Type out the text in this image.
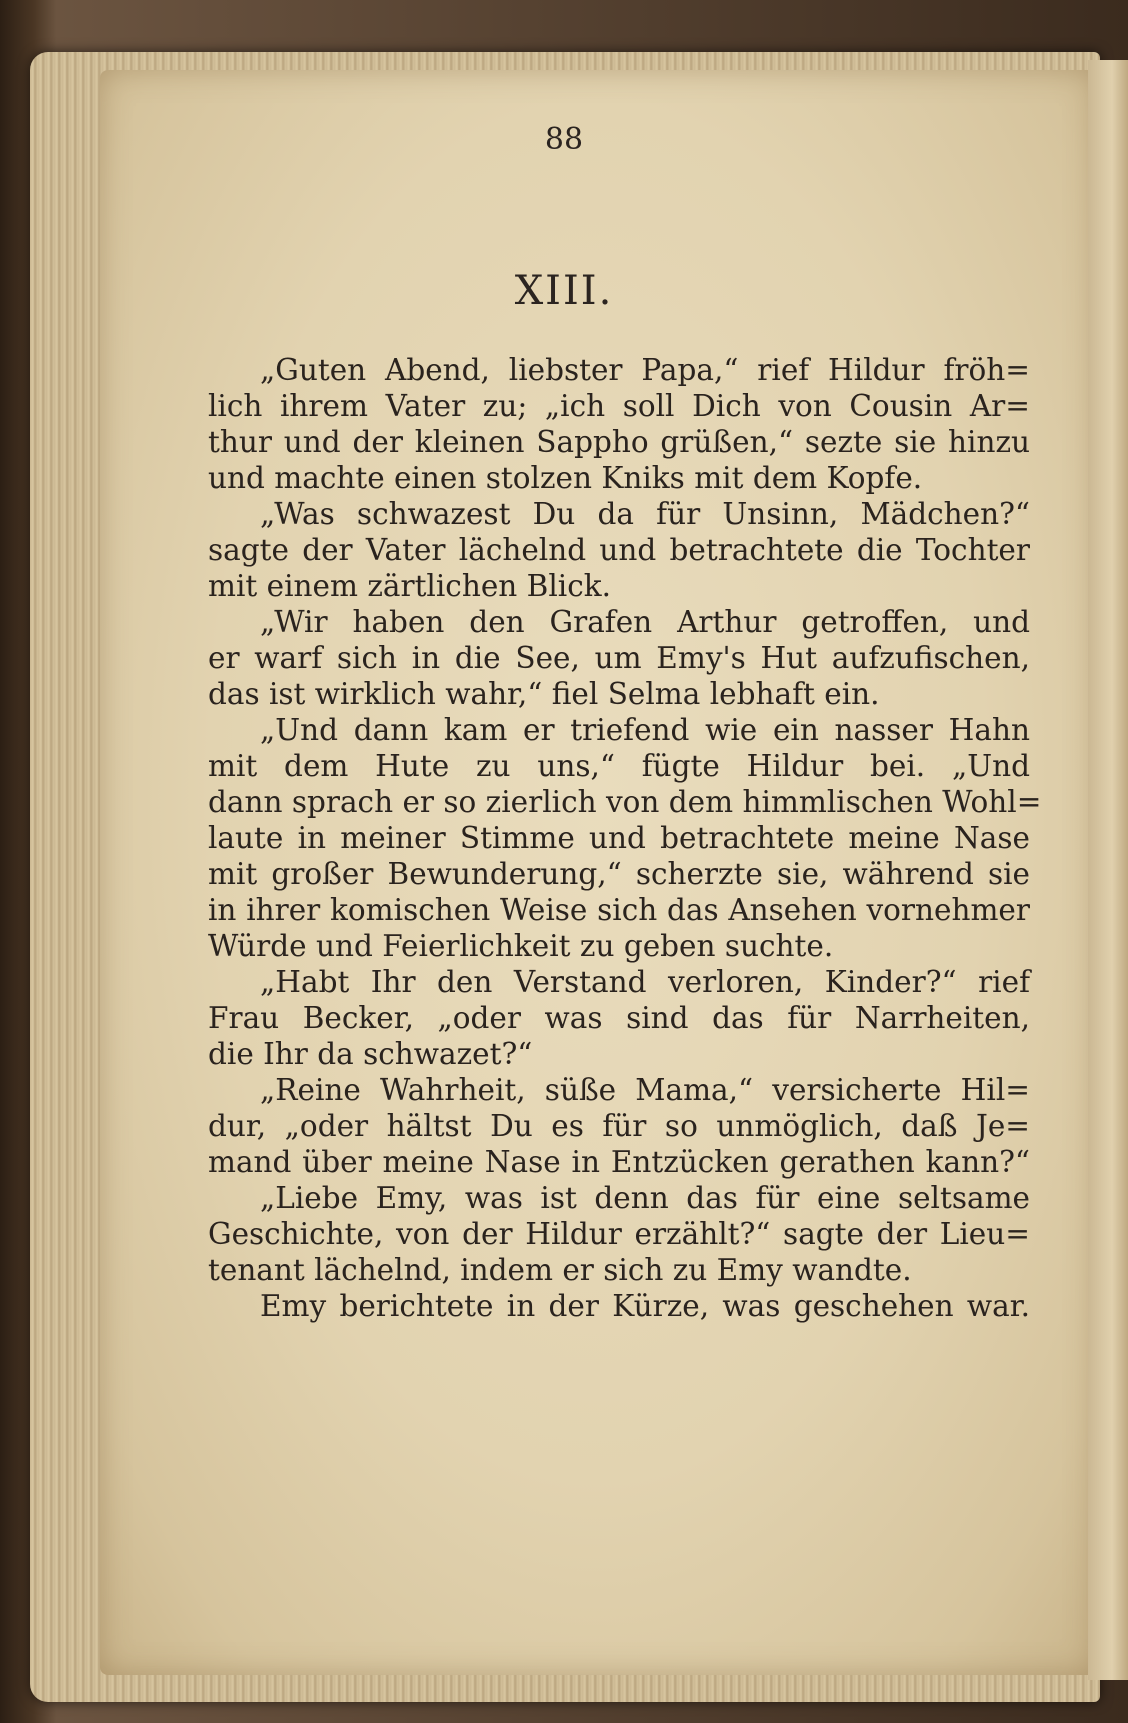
88
XIII.
„Guten Abend, liebster Papa,“ rief Hildur fröh=
lich ihrem Vater zu; „ich soll Dich von Cousin Ar=
thur und der kleinen Sappho grüßen,“ sezte sie hinzu
und machte einen stolzen Kniks mit dem Kopfe.
„Was schwazest Du da für Unsinn, Mädchen?“
sagte der Vater lächelnd und betrachtete die Tochter
mit einem zärtlichen Blick.
„Wir haben den Grafen Arthur getroffen, und
er warf sich in die See, um Emy's Hut aufzufischen,
das ist wirklich wahr,“ fiel Selma lebhaft ein.
„Und dann kam er triefend wie ein nasser Hahn
mit dem Hute zu uns,“ fügte Hildur bei. „Und
dann sprach er so zierlich von dem himmlischen Wohl=
laute in meiner Stimme und betrachtete meine Nase
mit großer Bewunderung,“ scherzte sie, während sie
in ihrer komischen Weise sich das Ansehen vornehmer
Würde und Feierlichkeit zu geben suchte.
„Habt Ihr den Verstand verloren, Kinder?“ rief
Frau Becker, „oder was sind das für Narrheiten,
die Ihr da schwazet?“
„Reine Wahrheit, süße Mama,“ versicherte Hil=
dur, „oder hältst Du es für so unmöglich, daß Je=
mand über meine Nase in Entzücken gerathen kann?“
„Liebe Emy, was ist denn das für eine seltsame
Geschichte, von der Hildur erzählt?“ sagte der Lieu=
tenant lächelnd, indem er sich zu Emy wandte.
Emy berichtete in der Kürze, was geschehen war.
